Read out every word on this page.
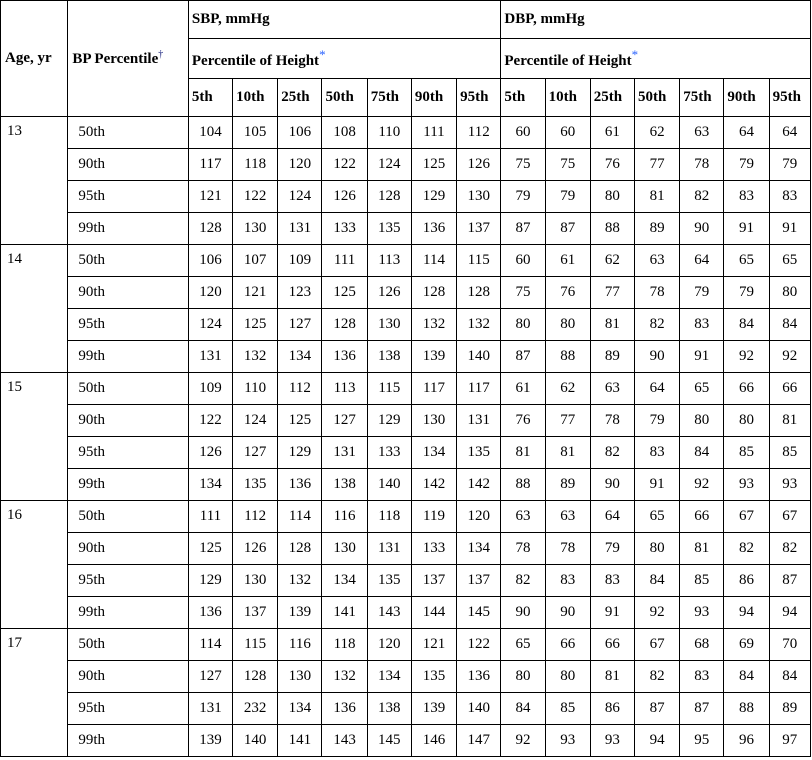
		SBP, mmHg							DBP, mmHg						
Age, yr	BP Percentile†	Percentile of Height*							Percentile of Height*						
		5th	10th	25th	50th	75th	90th	95th	5th	10th	25th	50th	75th	90th	95th
13	50th	104	105	106	108	110	111	112	60	60	61	62	63	64	64
	90th	117	118	120	122	124	125	126	75	75	76	77	78	79	79
	95th	121	122	124	126	128	129	130	79	79	80	81	82	83	83
	99th	128	130	131	133	135	136	137	87	87	88	89	90	91	91
14	50th	106	107	109	111	113	114	115	60	61	62	63	64	65	65
	90th	120	121	123	125	126	128	128	75	76	77	78	79	79	80
	95th	124	125	127	128	130	132	132	80	80	81	82	83	84	84
	99th	131	132	134	136	138	139	140	87	88	89	90	91	92	92
15	50th	109	110	112	113	115	117	117	61	62	63	64	65	66	66
	90th	122	124	125	127	129	130	131	76	77	78	79	80	80	81
	95th	126	127	129	131	133	134	135	81	81	82	83	84	85	85
	99th	134	135	136	138	140	142	142	88	89	90	91	92	93	93
16	50th	111	112	114	116	118	119	120	63	63	64	65	66	67	67
	90th	125	126	128	130	131	133	134	78	78	79	80	81	82	82
	95th	129	130	132	134	135	137	137	82	83	83	84	85	86	87
	99th	136	137	139	141	143	144	145	90	90	91	92	93	94	94
17	50th	114	115	116	118	120	121	122	65	66	66	67	68	69	70
	90th	127	128	130	132	134	135	136	80	80	81	82	83	84	84
	95th	131	232	134	136	138	139	140	84	85	86	87	87	88	89
	99th	139	140	141	143	145	146	147	92	93	93	94	95	96	97
